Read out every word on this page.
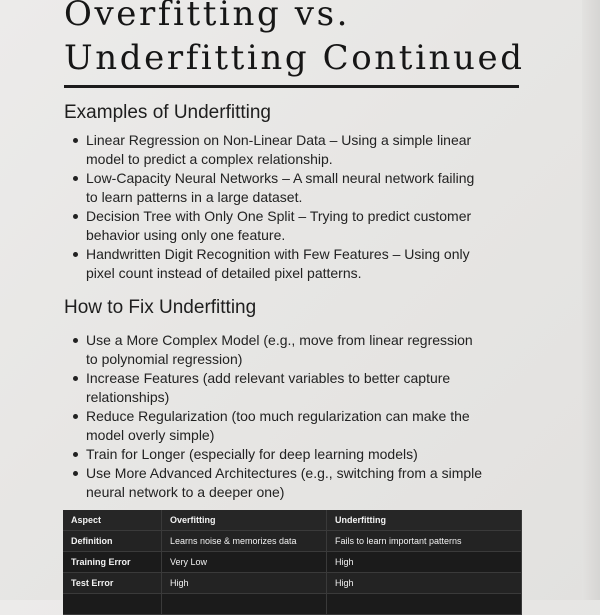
Overfitting vs. Underfitting Continued
Examples of Underfitting
Linear Regression on Non-Linear Data – Using a simple linear model to predict a complex relationship.
Low-Capacity Neural Networks – A small neural network failing to learn patterns in a large dataset.
Decision Tree with Only One Split – Trying to predict customer behavior using only one feature.
Handwritten Digit Recognition with Few Features – Using only pixel count instead of detailed pixel patterns.
How to Fix Underfitting
Use a More Complex Model (e.g., move from linear regression to polynomial regression)
Increase Features (add relevant variables to better capture relationships)
Reduce Regularization (too much regularization can make the model overly simple)
Train for Longer (especially for deep learning models)
Use More Advanced Architectures (e.g., switching from a simple neural network to a deeper one)
Aspect	Overfitting	Underfitting
Definition	Learns noise & memorizes data	Fails to learn important patterns
Training Error	Very Low	High
Test Error	High	High
